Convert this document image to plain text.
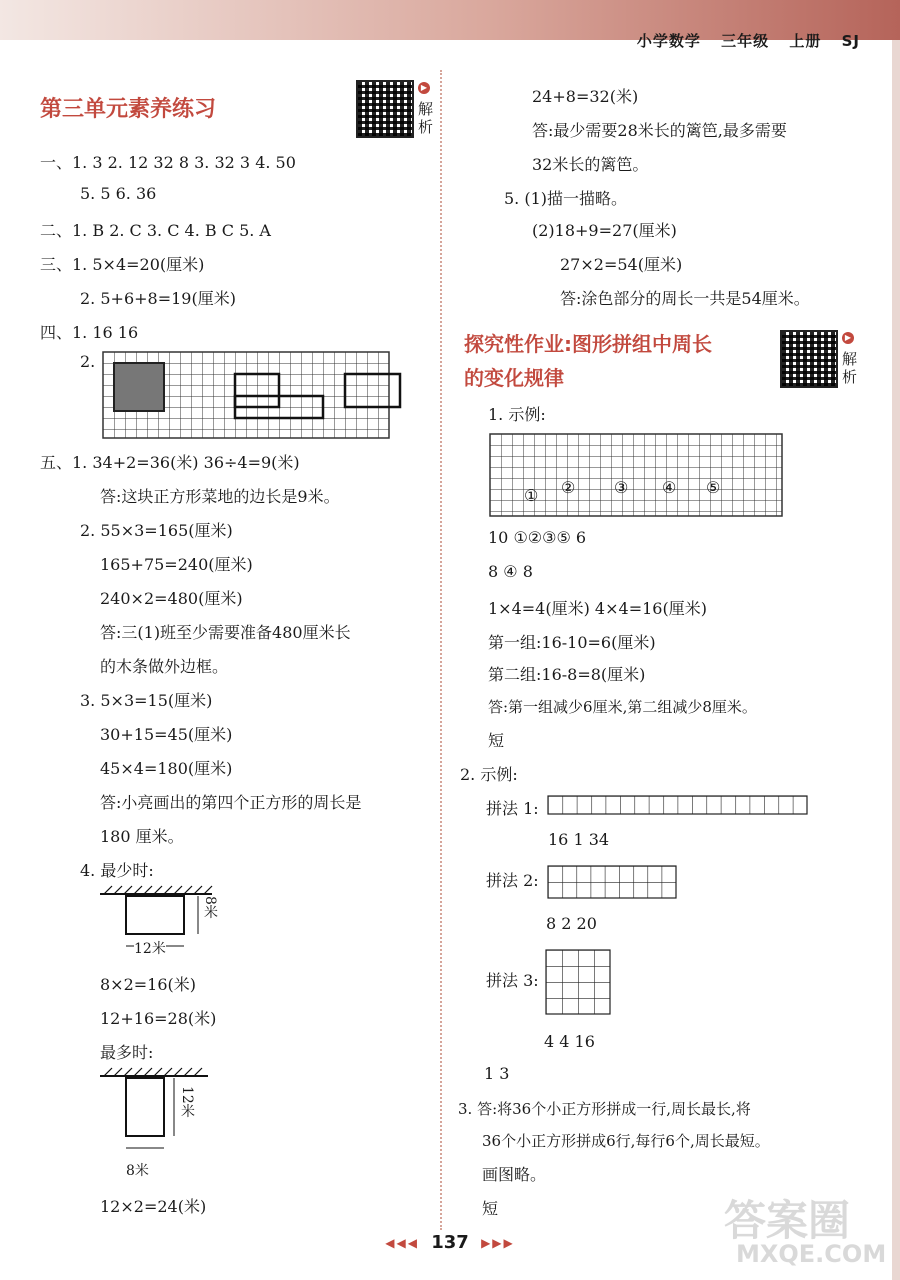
小学数学 三年级 上册 SJ
第三单元素养练习
▶
解析
一、1. 3 2. 12 32 8 3. 32 3 4. 50
5. 5 6. 36
二、1. B 2. C 3. C 4. B C 5. A
三、1. 5×4=20(厘米)
2. 5+6+8=19(厘米)
四、1. 16 16
2.
五、1. 34+2=36(米) 36÷4=9(米)
答:这块正方形菜地的边长是9米。
2. 55×3=165(厘米)
165+75=240(厘米)
240×2=480(厘米)
答:三(1)班至少需要准备480厘米长
的木条做外边框。
3. 5×3=15(厘米)
30+15=45(厘米)
45×4=180(厘米)
答:小亮画出的第四个正方形的周长是
180 厘米。
4. 最少时:
8米
12米
8×2=16(米)
12+16=28(米)
最多时:
12米
8米
12×2=24(米)
24+8=32(米)
答:最少需要28米长的篱笆,最多需要
32米长的篱笆。
5. (1)描一描略。
(2)18+9=27(厘米)
27×2=54(厘米)
答:涂色部分的周长一共是54厘米。
探究性作业:图形拼组中周长
的变化规律
▶
解析
1. 示例:
① ② ③ ④ ⑤
10 ①②③⑤ 6
8 ④ 8
1×4=4(厘米) 4×4=16(厘米)
第一组:16-10=6(厘米)
第二组:16-8=8(厘米)
答:第一组减少6厘米,第二组减少8厘米。
短
2. 示例:
拼法 1:
16 1 34
拼法 2:
8 2 20
拼法 3:
4 4 16
1 3
3. 答:将36个小正方形拼成一行,周长最长,将
36个小正方形拼成6行,每行6个,周长最短。
画图略。
短	答案圈
MXQE.COM
◀◀◀ 137 ▶▶▶
